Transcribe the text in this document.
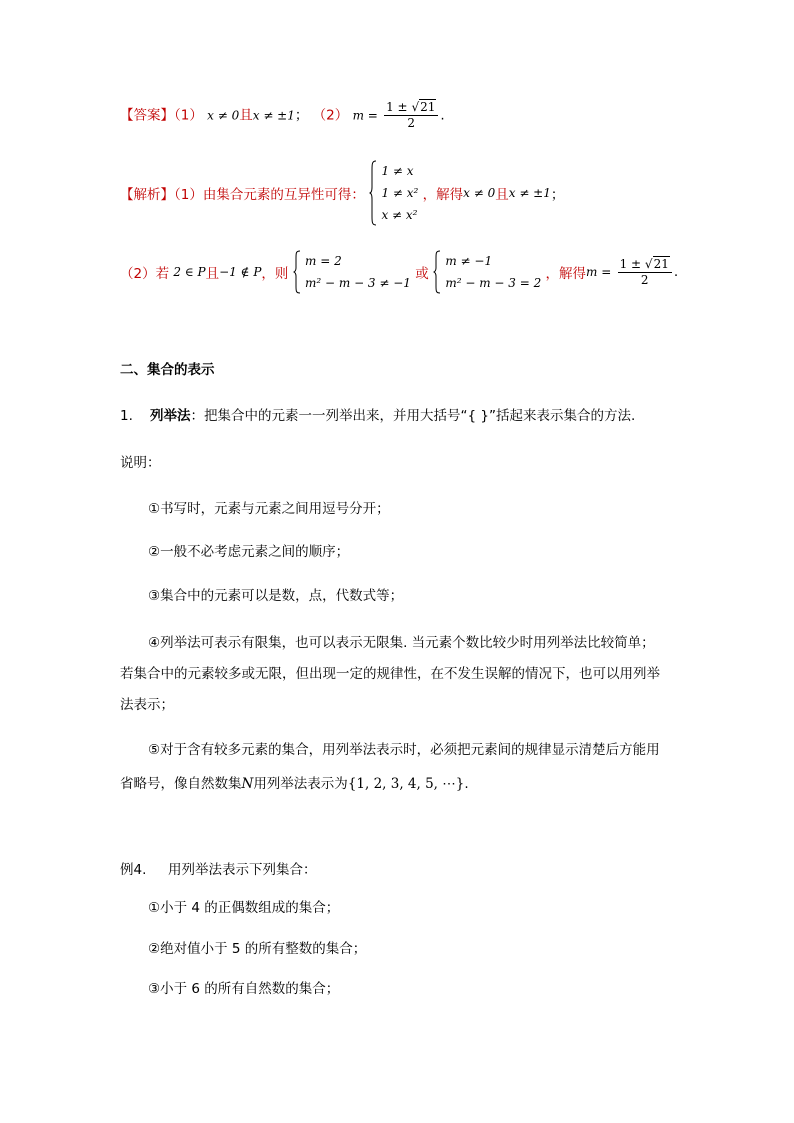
【答案】（1） x ≠ 0且x ≠ ±1； （2） $m = \frac{1 \pm √21}{2}$ .
【解析】（1）由集合元素的互异性可得：
1 ≠ x
1 ≠ x²
x ≠ x²
，解得x ≠ 0且x ≠ ±1；
（2）若 2 ∈ P且−1 ∉ P，则
m = 2
m² − m − 3 ≠ −1
或
m ≠ −1
m² − m − 3 = 2
，解得$m = \frac{1 \pm √21}{2}$ .
二、集合的表示
1. 列举法：把集合中的元素一一列举出来，并用大括号“{ }”括起来表示集合的方法.
说明：
①书写时，元素与元素之间用逗号分开；
②一般不必考虑元素之间的顺序；
③集合中的元素可以是数，点，代数式等；
④列举法可表示有限集，也可以表示无限集. 当元素个数比较少时用列举法比较简单；
若集合中的元素较多或无限，但出现一定的规律性，在不发生误解的情况下，也可以用列举
法表示；
⑤对于含有较多元素的集合，用列举法表示时，必须把元素间的规律显示清楚后方能用
省略号，像自然数集N用列举法表示为{1, 2, 3, 4, 5, ⋯}.
例4. 用列举法表示下列集合：
①小于 4 的正偶数组成的集合；
②绝对值小于 5 的所有整数的集合；
③小于 6 的所有自然数的集合；
